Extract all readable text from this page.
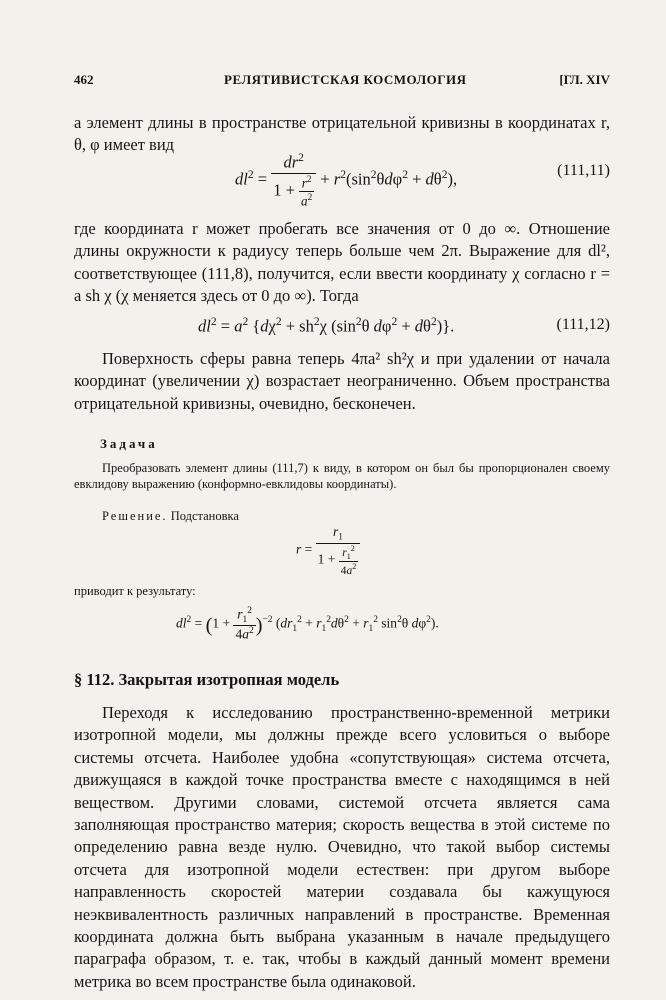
462	РЕЛЯТИВИСТСКАЯ КОСМОЛОГИЯ	[ГЛ. XIV

а элемент длины в пространстве отрицательной кривизны в координатах r, θ, φ имеет вид

$dl^2 = \frac{dr^2}{1 + \frac{r^2}{a^2}} + r^2(\sin^2\theta d\varphi^2 + d\theta^2)$,	(111,11)

где координата r может пробегать все значения от 0 до ∞. Отношение длины окружности к радиусу теперь больше чем 2π. Выражение для dl², соответствующее (111,8), получится, если ввести координату χ согласно r = a sh χ (χ меняется здесь от 0 до ∞). Тогда

$dl^2 = a^2$ {$d\chi^2 + sh^2\chi$ ($\sin^2\theta$ $d\varphi^2 + d\theta^2$)}.	(111,12)

Поверхность сферы равна теперь 4πa² sh²χ и при удалении от начала координат (увеличении χ) возрастает неограниченно. Объем пространства отрицательной кривизны, очевидно, бесконечен.

Задача

Преобразовать элемент длины (111,7) к виду, в котором он был бы пропорционален своему евклидову выражению (конформно-евклидовы координаты).

Решение. Подстановка
$r = \frac{r_1}{1 + \frac{r_1^2}{4a^2}}$
приводит к результату:
$dl^2 = (1 + \frac{r_1^2}{4a^2} )^{-2}$ ($dr_1^2 + r_1^2d\theta^2 + r_1^2$ $\sin^2\theta$ $d\varphi^2$).
§ 112. Закрытая изотропная модель

Переходя к исследованию пространственно-временной метрики изотропной модели, мы должны прежде всего условиться о выборе системы отсчета. Наиболее удобна «сопутствующая» система отсчета, движущаяся в каждой точке пространства вместе с находящимся в ней веществом. Другими словами, системой отсчета является сама заполняющая пространство материя; скорость вещества в этой системе по определению равна везде нулю. Очевидно, что такой выбор системы отсчета для изотропной модели естествен: при другом выборе направленность скоростей материи создавала бы кажущуюся неэквивалентность различных направлений в пространстве. Временная координата должна быть выбрана указанным в начале предыдущего параграфа образом, т. е. так, чтобы в каждый данный момент времени метрика во всем пространстве была одинаковой.
